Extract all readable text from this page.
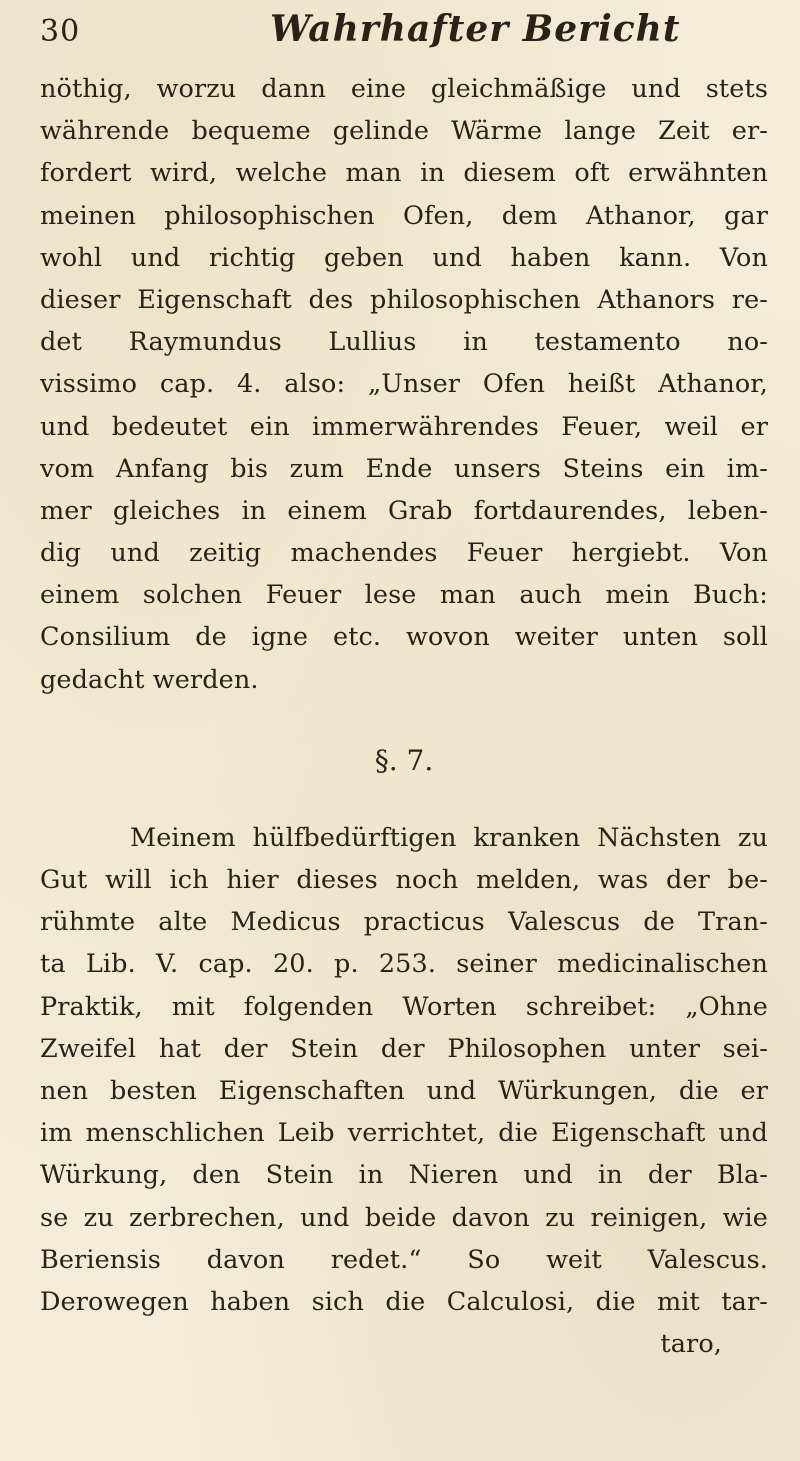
30	Wahrhafter Bericht
nöthig, worzu dann eine gleichmäßige und stets
währende bequeme gelinde Wärme lange Zeit er-
fordert wird, welche man in diesem oft erwähnten
meinen philosophischen Ofen, dem Athanor, gar
wohl und richtig geben und haben kann. Von
dieser Eigenschaft des philosophischen Athanors re-
det Raymundus Lullius in testamento no-
vissimo cap. 4. also: „Unser Ofen heißt Athanor,
und bedeutet ein immerwährendes Feuer, weil er
vom Anfang bis zum Ende unsers Steins ein im-
mer gleiches in einem Grab fortdaurendes, leben-
dig und zeitig machendes Feuer hergiebt. Von
einem solchen Feuer lese man auch mein Buch:
Consilium de igne etc. wovon weiter unten soll
gedacht werden.
§. 7.
Meinem hülfbedürftigen kranken Nächsten zu
Gut will ich hier dieses noch melden, was der be-
rühmte alte Medicus practicus Valescus de Tran-
ta Lib. V. cap. 20. p. 253. seiner medicinalischen
Praktik, mit folgenden Worten schreibet: „Ohne
Zweifel hat der Stein der Philosophen unter sei-
nen besten Eigenschaften und Würkungen, die er
im menschlichen Leib verrichtet, die Eigenschaft und
Würkung, den Stein in Nieren und in der Bla-
se zu zerbrechen, und beide davon zu reinigen, wie
Beriensis davon redet.“ So weit Valescus.
Derowegen haben sich die Calculosi, die mit tar-
taro,
